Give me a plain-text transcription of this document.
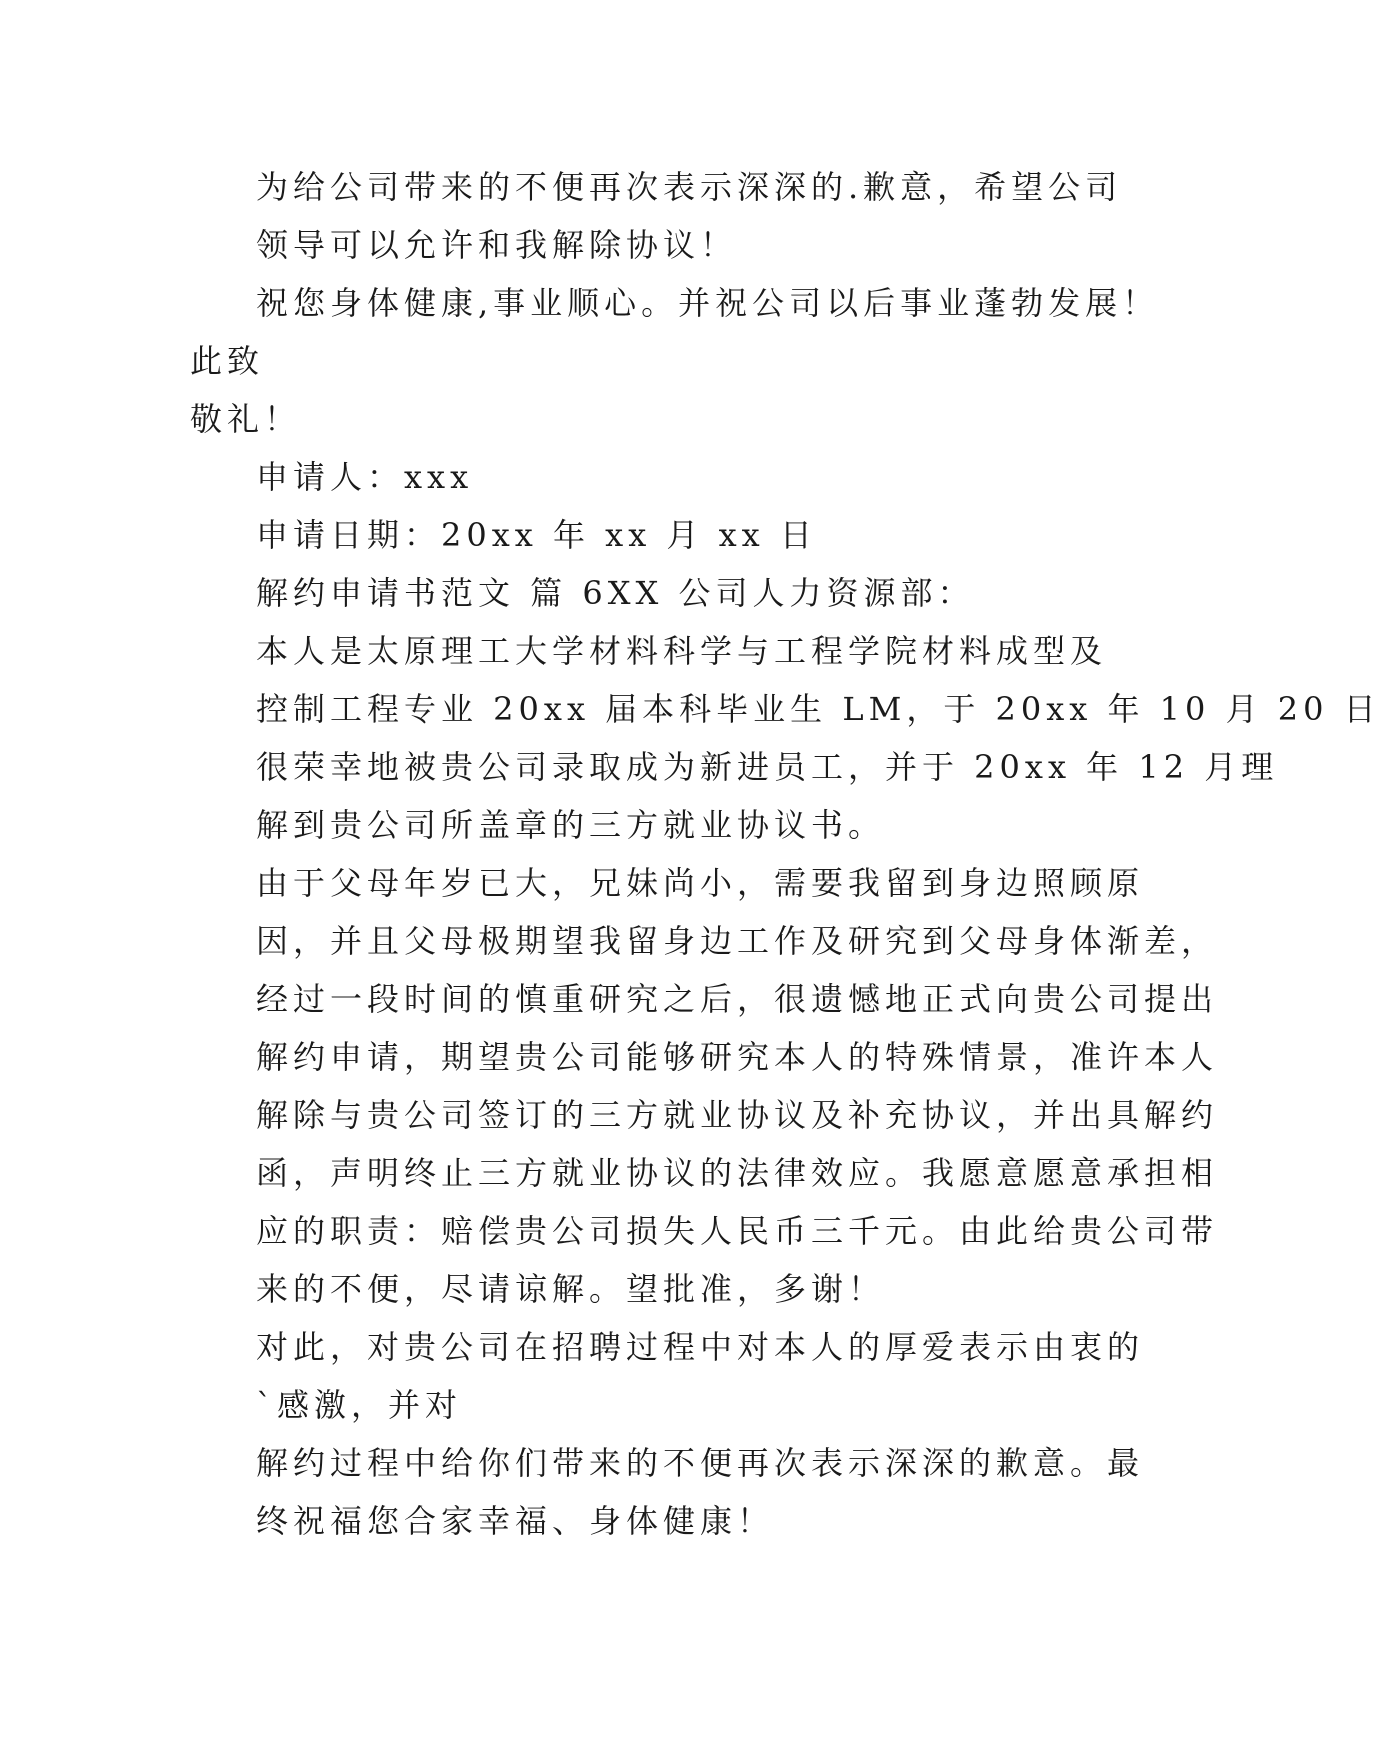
为给公司带来的不便再次表示深深的.歉意，希望公司
领导可以允许和我解除协议！

祝您身体健康,事业顺心。并祝公司以后事业蓬勃发展！

此致

敬礼！

申请人：xxx

申请日期：20xx 年 xx 月 xx 日

解约申请书范文 篇 6XX 公司人力资源部：

本人是太原理工大学材料科学与工程学院材料成型及
控制工程专业 20xx 届本科毕业生 LM，于 20xx 年 10 月 20 日
很荣幸地被贵公司录取成为新进员工，并于 20xx 年 12 月理
解到贵公司所盖章的三方就业协议书。

由于父母年岁已大，兄妹尚小，需要我留到身边照顾原
因，并且父母极期望我留身边工作及研究到父母身体渐差，
经过一段时间的慎重研究之后，很遗憾地正式向贵公司提出
解约申请，期望贵公司能够研究本人的特殊情景，准许本人
解除与贵公司签订的三方就业协议及补充协议，并出具解约
函，声明终止三方就业协议的法律效应。我愿意愿意承担相
应的职责：赔偿贵公司损失人民币三千元。由此给贵公司带
来的不便，尽请谅解。望批准，多谢！

对此，对贵公司在招聘过程中对本人的厚爱表示由衷的
`感激，并对

解约过程中给你们带来的不便再次表示深深的歉意。最
终祝福您合家幸福、身体健康！
